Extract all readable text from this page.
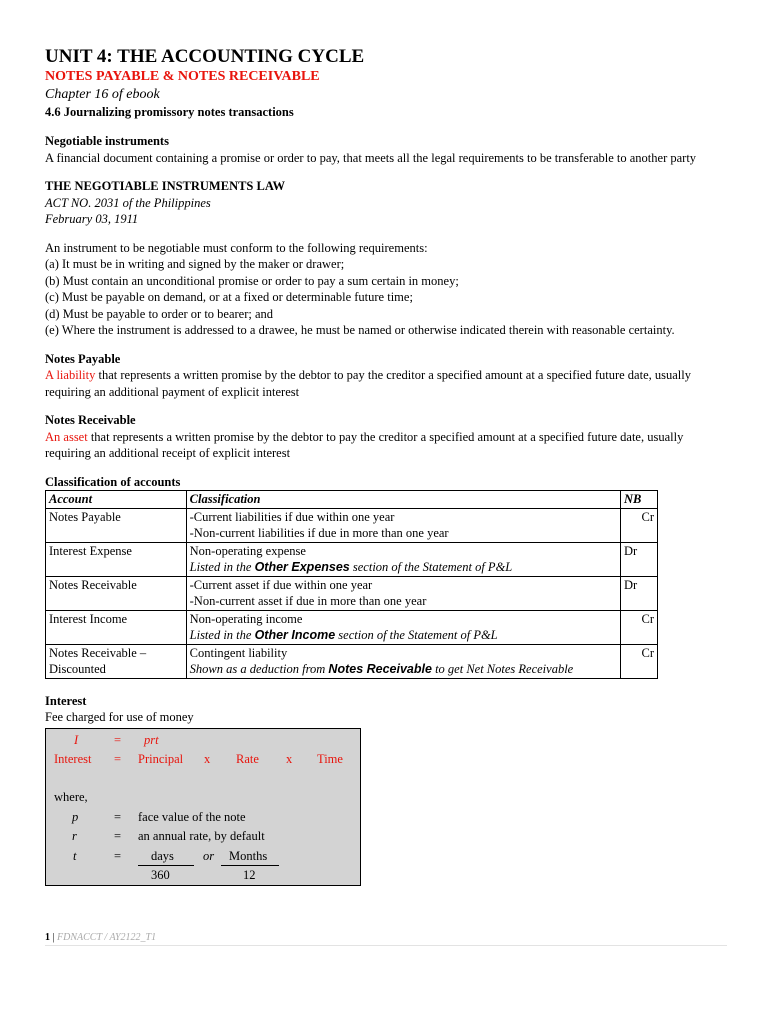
UNIT 4: THE ACCOUNTING CYCLE
NOTES PAYABLE & NOTES RECEIVABLE
Chapter 16 of ebook
4.6 Journalizing promissory notes transactions

Negotiable instruments

A financial document containing a promise or order to pay, that meets all the legal requirements to be transferable to another party

THE NEGOTIABLE INSTRUMENTS LAW

ACT NO. 2031 of the Philippines

February 03, 1911

An instrument to be negotiable must conform to the following requirements:

(a) It must be in writing and signed by the maker or drawer;

(b) Must contain an unconditional promise or order to pay a sum certain in money;

(c) Must be payable on demand, or at a fixed or determinable future time;

(d) Must be payable to order or to bearer; and

(e) Where the instrument is addressed to a drawee, he must be named or otherwise indicated therein with reasonable certainty.

Notes Payable

A liability that represents a written promise by the debtor to pay the creditor a specified amount at a specified future date, usually requiring an additional payment of explicit interest

Notes Receivable

An asset that represents a written promise by the debtor to pay the creditor a specified amount at a specified future date, usually requiring an additional receipt of explicit interest

Classification of accounts

Account	Classification	NB
Notes Payable	-Current liabilities if due within one year
-Non-current liabilities if due in more than one year	Cr
Interest Expense	Non-operating expense
Listed in the Other Expenses section of the Statement of P&L	Dr
Notes Receivable	-Current asset if due within one year
-Non-current asset if due in more than one year	Dr
Interest Income	Non-operating income
Listed in the Other Income section of the Statement of P&L	Cr
Notes Receivable – Discounted	Contingent liability
Shown as a deduction from Notes Receivable to get Net Notes Receivable	Cr

Interest

Fee charged for use of money

I	= prt
Interest = Principal x Rate x Time
where,
p	= face value of the note
r	= an annual rate, by default
t	= days or Months
360	12
1 | FDNACCT / AY2122_T1
